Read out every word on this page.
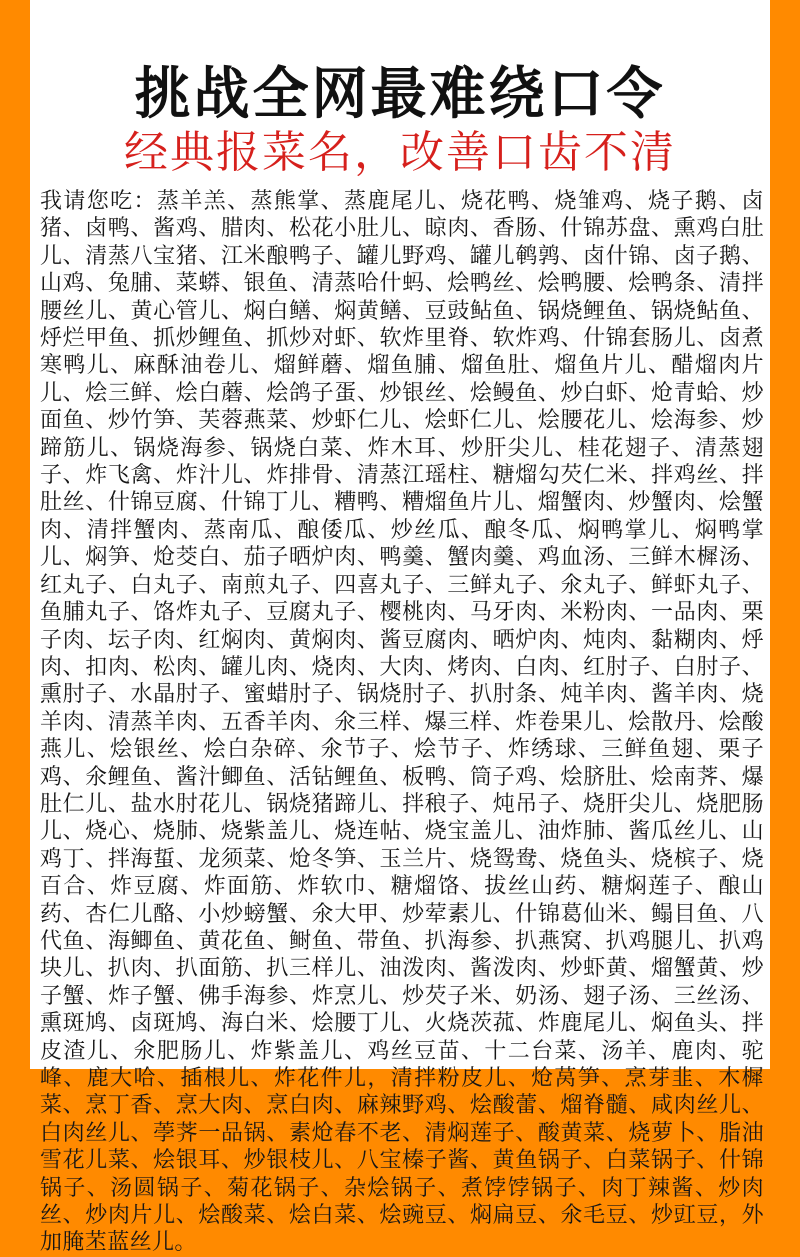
挑战全网最难绕口令
经典报菜名，改善口齿不清

我请您吃：蒸羊羔、蒸熊掌、蒸鹿尾儿、烧花鸭、烧雏鸡、烧子鹅、卤猪、卤鸭、酱鸡、腊肉、松花小肚儿、晾肉、香肠、什锦苏盘、熏鸡白肚儿、清蒸八宝猪、江米酿鸭子、罐儿野鸡、罐儿鹌鹑、卤什锦、卤子鹅、山鸡、兔脯、菜蟒、银鱼、清蒸哈什蚂、烩鸭丝、烩鸭腰、烩鸭条、清拌腰丝儿、黄心管儿、焖白鳝、焖黄鳝、豆豉鲇鱼、锅烧鲤鱼、锅烧鲇鱼、烀烂甲鱼、抓炒鲤鱼、抓炒对虾、软炸里脊、软炸鸡、什锦套肠儿、卤煮寒鸭儿、麻酥油卷儿、熘鲜蘑、熘鱼脯、熘鱼肚、熘鱼片儿、醋熘肉片儿、烩三鲜、烩白蘑、烩鸽子蛋、炒银丝、烩鳗鱼、炒白虾、炝青蛤、炒面鱼、炒竹笋、芙蓉燕菜、炒虾仁儿、烩虾仁儿、烩腰花儿、烩海参、炒蹄筋儿、锅烧海参、锅烧白菜、炸木耳、炒肝尖儿、桂花翅子、清蒸翅子、炸飞禽、炸汁儿、炸排骨、清蒸江瑶柱、糖熘勾芡仁米、拌鸡丝、拌肚丝、什锦豆腐、什锦丁儿、糟鸭、糟熘鱼片儿、熘蟹肉、炒蟹肉、烩蟹肉、清拌蟹肉、蒸南瓜、酿倭瓜、炒丝瓜、酿冬瓜、焖鸭掌儿、焖鸭掌儿、焖笋、炝茭白、茄子晒炉肉、鸭羹、蟹肉羹、鸡血汤、三鲜木樨汤、红丸子、白丸子、南煎丸子、四喜丸子、三鲜丸子、氽丸子、鲜虾丸子、鱼脯丸子、饹炸丸子、豆腐丸子、樱桃肉、马牙肉、米粉肉、一品肉、栗子肉、坛子肉、红焖肉、黄焖肉、酱豆腐肉、晒炉肉、炖肉、黏糊肉、烀肉、扣肉、松肉、罐儿肉、烧肉、大肉、烤肉、白肉、红肘子、白肘子、熏肘子、水晶肘子、蜜蜡肘子、锅烧肘子、扒肘条、炖羊肉、酱羊肉、烧羊肉、清蒸羊肉、五香羊肉、氽三样、爆三样、炸卷果儿、烩散丹、烩酸燕儿、烩银丝、烩白杂碎、氽节子、烩节子、炸绣球、三鲜鱼翅、栗子鸡、氽鲤鱼、酱汁鲫鱼、活钻鲤鱼、板鸭、筒子鸡、烩脐肚、烩南荠、爆肚仁儿、盐水肘花儿、锅烧猪蹄儿、拌稂子、炖吊子、烧肝尖儿、烧肥肠儿、烧心、烧肺、烧紫盖儿、烧连帖、烧宝盖儿、油炸肺、酱瓜丝儿、山鸡丁、拌海蜇、龙须菜、炝冬笋、玉兰片、烧鸳鸯、烧鱼头、烧槟子、烧百合、炸豆腐、炸面筋、炸软巾、糖熘饹、拔丝山药、糖焖莲子、酿山药、杏仁儿酪、小炒螃蟹、氽大甲、炒荤素儿、什锦葛仙米、鳎目鱼、八代鱼、海鲫鱼、黄花鱼、鲥鱼、带鱼、扒海参、扒燕窝、扒鸡腿儿、扒鸡块儿、扒肉、扒面筋、扒三样儿、油泼肉、酱泼肉、炒虾黄、熘蟹黄、炒子蟹、炸子蟹、佛手海参、炸烹儿、炒芡子米、奶汤、翅子汤、三丝汤、熏斑鸠、卤斑鸠、海白米、烩腰丁儿、火烧茨菰、炸鹿尾儿、焖鱼头、拌皮渣儿、氽肥肠儿、炸紫盖儿、鸡丝豆苗、十二台菜、汤羊、鹿肉、驼峰、鹿大哈、插根儿、炸花件儿，清拌粉皮儿、炝莴笋、烹芽韭、木樨菜、烹丁香、烹大肉、烹白肉、麻辣野鸡、烩酸蕾、熘脊髓、咸肉丝儿、白肉丝儿、荸荠一品锅、素炝春不老、清焖莲子、酸黄菜、烧萝卜、脂油雪花儿菜、烩银耳、炒银枝儿、八宝榛子酱、黄鱼锅子、白菜锅子、什锦锅子、汤圆锅子、菊花锅子、杂烩锅子、煮饽饽锅子、肉丁辣酱、炒肉丝、炒肉片儿、烩酸菜、烩白菜、烩豌豆、焖扁豆、氽毛豆、炒豇豆，外加腌苤蓝丝儿。
